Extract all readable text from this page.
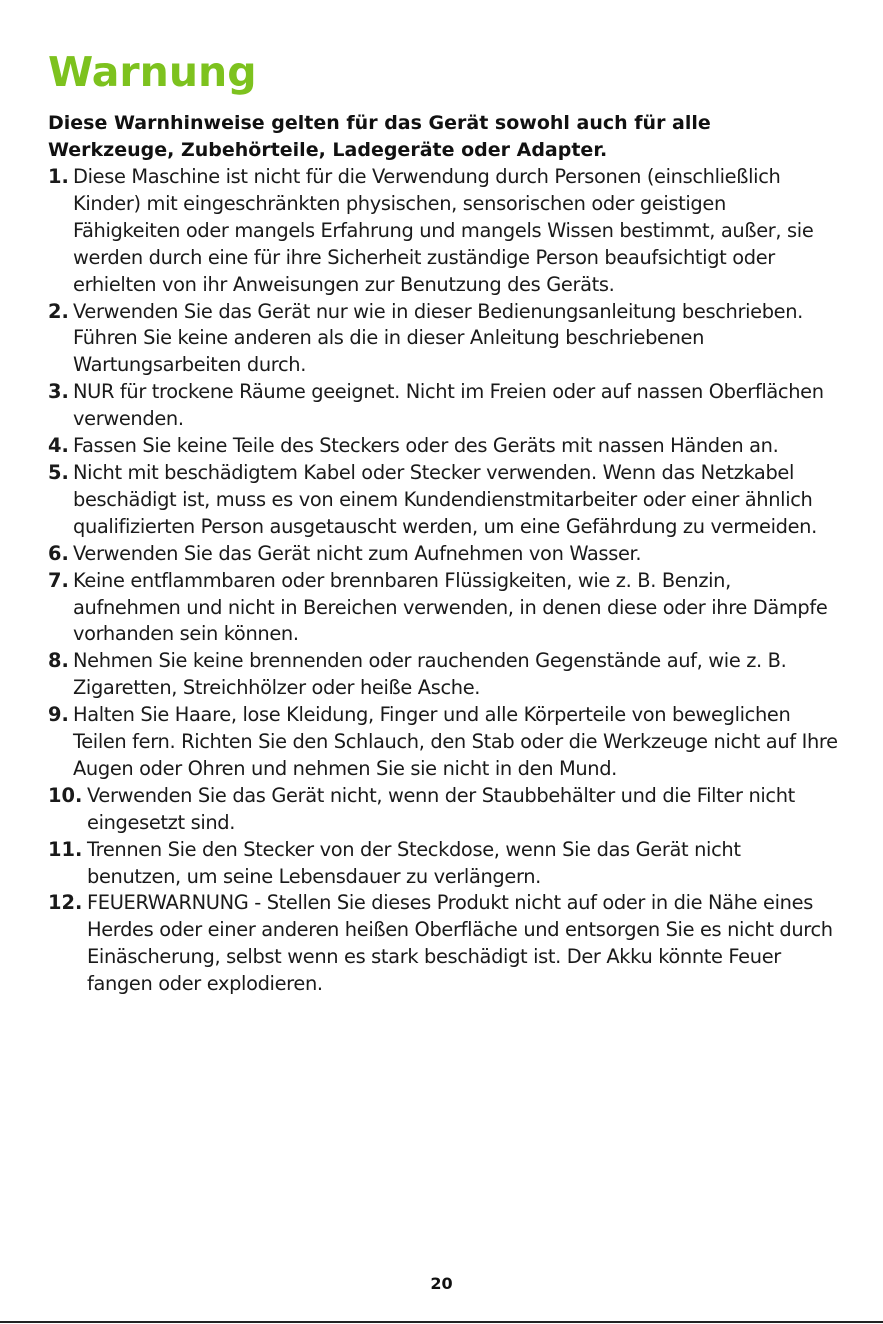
Warnung

Diese Warnhinweise gelten für das Gerät sowohl auch für alle Werkzeuge, Zubehörteile, Ladegeräte oder Adapter.

1. Diese Maschine ist nicht für die Verwendung durch Personen (einschließlich Kinder) mit eingeschränkten physischen, sensorischen oder geistigen Fähigkeiten oder mangels Erfahrung und mangels Wissen bestimmt, außer, sie werden durch eine für ihre Sicherheit zuständige Person beaufsichtigt oder erhielten von ihr Anweisungen zur Benutzung des Geräts.
2. Verwenden Sie das Gerät nur wie in dieser Bedienungsanleitung beschrieben. Führen Sie keine anderen als die in dieser Anleitung beschriebenen Wartungsarbeiten durch.
3. NUR für trockene Räume geeignet. Nicht im Freien oder auf nassen Oberflächen verwenden.
4. Fassen Sie keine Teile des Steckers oder des Geräts mit nassen Händen an.
5. Nicht mit beschädigtem Kabel oder Stecker verwenden. Wenn das Netzkabel beschädigt ist, muss es von einem Kundendienstmitarbeiter oder einer ähnlich qualifizierten Person ausgetauscht werden, um eine Gefährdung zu vermeiden.
6. Verwenden Sie das Gerät nicht zum Aufnehmen von Wasser.
7. Keine entflammbaren oder brennbaren Flüssigkeiten, wie z. B. Benzin, aufnehmen und nicht in Bereichen verwenden, in denen diese oder ihre Dämpfe vorhanden sein können.
8. Nehmen Sie keine brennenden oder rauchenden Gegenstände auf, wie z. B. Zigaretten, Streichhölzer oder heiße Asche.
9. Halten Sie Haare, lose Kleidung, Finger und alle Körperteile von beweglichen Teilen fern. Richten Sie den Schlauch, den Stab oder die Werkzeuge nicht auf Ihre Augen oder Ohren und nehmen Sie sie nicht in den Mund.
10. Verwenden Sie das Gerät nicht, wenn der Staubbehälter und die Filter nicht eingesetzt sind.
11. Trennen Sie den Stecker von der Steckdose, wenn Sie das Gerät nicht benutzen, um seine Lebensdauer zu verlängern.
12. FEUERWARNUNG - Stellen Sie dieses Produkt nicht auf oder in die Nähe eines Herdes oder einer anderen heißen Oberfläche und entsorgen Sie es nicht durch Einäscherung, selbst wenn es stark beschädigt ist. Der Akku könnte Feuer fangen oder explodieren.
20
